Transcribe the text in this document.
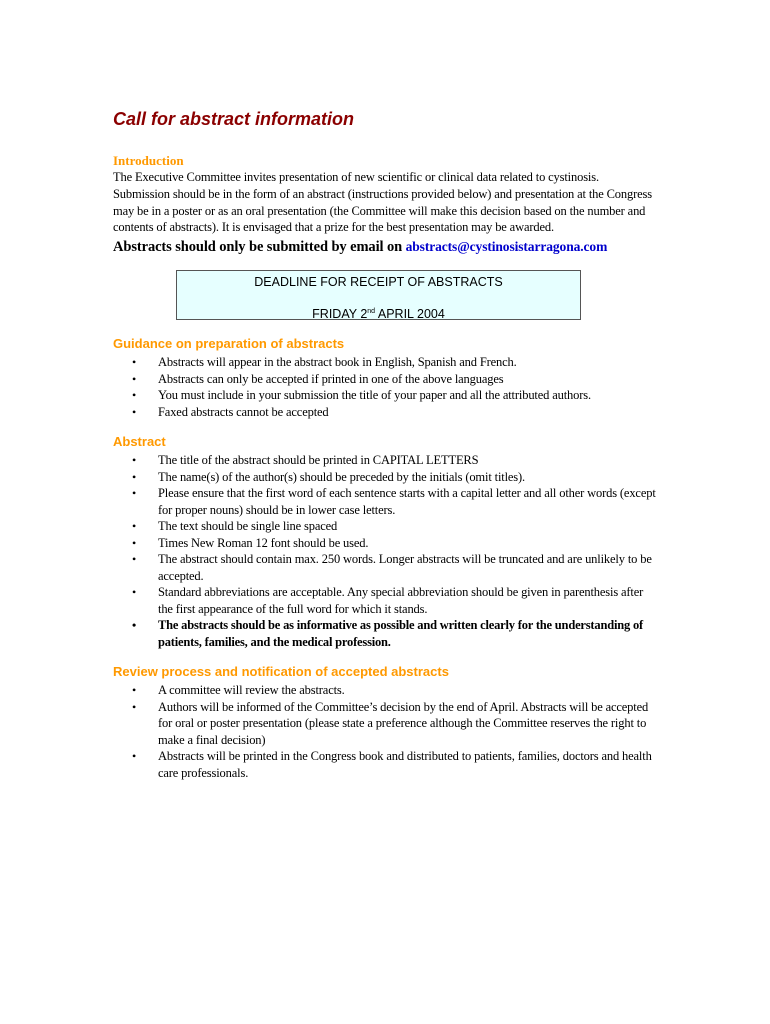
Call for abstract information
Introduction

The Executive Committee invites presentation of new scientific or clinical data related to cystinosis. Submission should be in the form of an abstract (instructions provided below) and presentation at the Congress may be in a poster or as an oral presentation (the Committee will make this decision based on the number and contents of abstracts). It is envisaged that a prize for the best presentation may be awarded.

Abstracts should only be submitted by email on abstracts@cystinosistarragona.com

DEADLINE FOR RECEIPT OF ABSTRACTS
FRIDAY 2nd APRIL 2004
Guidance on preparation of abstracts
• Abstracts will appear in the abstract book in English, Spanish and French.
• Abstracts can only be accepted if printed in one of the above languages
• You must include in your submission the title of your paper and all the attributed authors.
• Faxed abstracts cannot be accepted
Abstract
• The title of the abstract should be printed in CAPITAL LETTERS
• The name(s) of the author(s) should be preceded by the initials (omit titles).
• Please ensure that the first word of each sentence starts with a capital letter and all other words (except for proper nouns) should be in lower case letters.
• The text should be single line spaced
• Times New Roman 12 font should be used.
• The abstract should contain max. 250 words. Longer abstracts will be truncated and are unlikely to be accepted.
• Standard abbreviations are acceptable. Any special abbreviation should be given in parenthesis after the first appearance of the full word for which it stands.
• The abstracts should be as informative as possible and written clearly for the understanding of patients, families, and the medical profession.
Review process and notification of accepted abstracts
• A committee will review the abstracts.
• Authors will be informed of the Committee’s decision by the end of April. Abstracts will be accepted for oral or poster presentation (please state a preference although the Committee reserves the right to make a final decision)
• Abstracts will be printed in the Congress book and distributed to patients, families, doctors and health care professionals.
